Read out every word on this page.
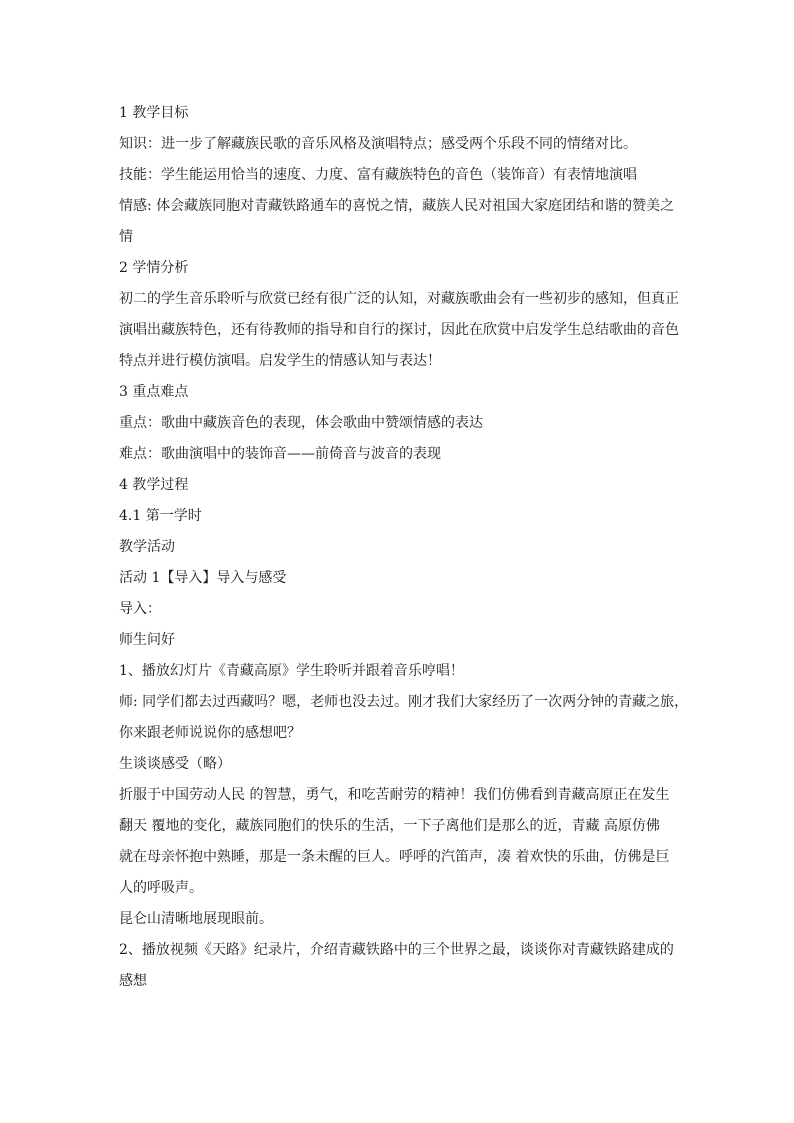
1 教学目标

知识：进一步了解藏族民歌的音乐风格及演唱特点；感受两个乐段不同的情绪对比。

技能：学生能运用恰当的速度、力度、富有藏族特色的音色（装饰音）有表情地演唱

情感: 体会藏族同胞对青藏铁路通车的喜悦之情，藏族人民对祖国大家庭团结和谐的赞美之

情

2 学情分析

初二的学生音乐聆听与欣赏已经有很广泛的认知，对藏族歌曲会有一些初步的感知，但真正

演唱出藏族特色，还有待教师的指导和自行的探讨，因此在欣赏中启发学生总结歌曲的音色

特点并进行模仿演唱。启发学生的情感认知与表达！

3 重点难点

重点：歌曲中藏族音色的表现，体会歌曲中赞颂情感的表达

难点：歌曲演唱中的装饰音——前倚音与波音的表现

4 教学过程

4.1 第一学时

教学活动

活动 1【导入】导入与感受

导入：

师生问好

1、播放幻灯片《青藏高原》学生聆听并跟着音乐哼唱！

师: 同学们都去过西藏吗？嗯，老师也没去过。刚才我们大家经历了一次两分钟的青藏之旅，

你来跟老师说说你的感想吧？

生谈谈感受（略）

折服于中国劳动人民 的智慧，勇气，和吃苦耐劳的精神！我们仿佛看到青藏高原正在发生

翻天 覆地的变化，藏族同胞们的快乐的生活，一下子离他们是那么的近，青藏 高原仿佛

就在母亲怀抱中熟睡，那是一条未醒的巨人。呼呼的汽笛声，凑 着欢快的乐曲，仿佛是巨

人的呼吸声。

昆仑山清晰地展现眼前。

2、播放视频《天路》纪录片，介绍青藏铁路中的三个世界之最，谈谈你对青藏铁路建成的

感想
